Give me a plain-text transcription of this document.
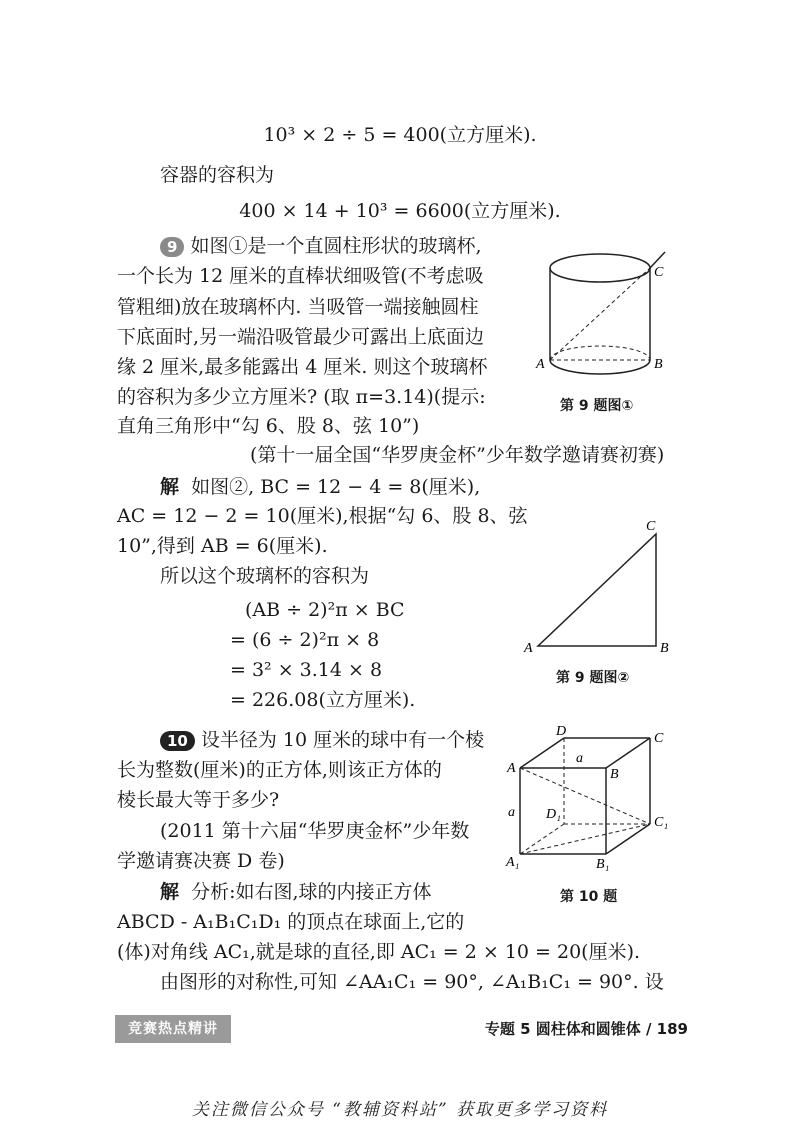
10³ × 2 ÷ 5 = 400(立方厘米).
容器的容积为
400 × 14 + 10³ = 6600(立方厘米).
9 如图①是一个直圆柱形状的玻璃杯,
一个长为 12 厘米的直棒状细吸管(不考虑吸
管粗细)放在玻璃杯内. 当吸管一端接触圆柱
下底面时,另一端沿吸管最少可露出上底面边
缘 2 厘米,最多能露出 4 厘米. 则这个玻璃杯
的容积为多少立方厘米? (取 π=3.14)(提示:
直角三角形中“勾 6、股 8、弦 10”)
(第十一届全国“华罗庚金杯”少年数学邀请赛初赛)
A	B
C
第 9 题图①
解 如图②, BC = 12 − 4 = 8(厘米),
AC = 12 − 2 = 10(厘米),根据“勾 6、股 8、弦
10”,得到 AB = 6(厘米).
所以这个玻璃杯的容积为
(AB ÷ 2)²π × BC
= (6 ÷ 2)²π × 8
= 3² × 3.14 × 8
= 226.08(立方厘米).
A	B
C
第 9 题图②
10 设半径为 10 厘米的球中有一个棱
长为整数(厘米)的正方体,则该正方体的
棱长最大等于多少?
(2011 第十六届“华罗庚金杯”少年数
学邀请赛决赛 D 卷)
D	C
A	B
a
a D₁
C₁
A₁	B₁
第 10 题
解 分析:如右图,球的内接正方体
ABCD - A₁B₁C₁D₁ 的顶点在球面上,它的
(体)对角线 AC₁,就是球的直径,即 AC₁ = 2 × 10 = 20(厘米).
由图形的对称性,可知 ∠AA₁C₁ = 90°, ∠A₁B₁C₁ = 90°. 设
竞赛热点精讲	专题 5 圆柱体和圆锥体 / 189
关注微信公众号 “教辅资料站” 获取更多学习资料
